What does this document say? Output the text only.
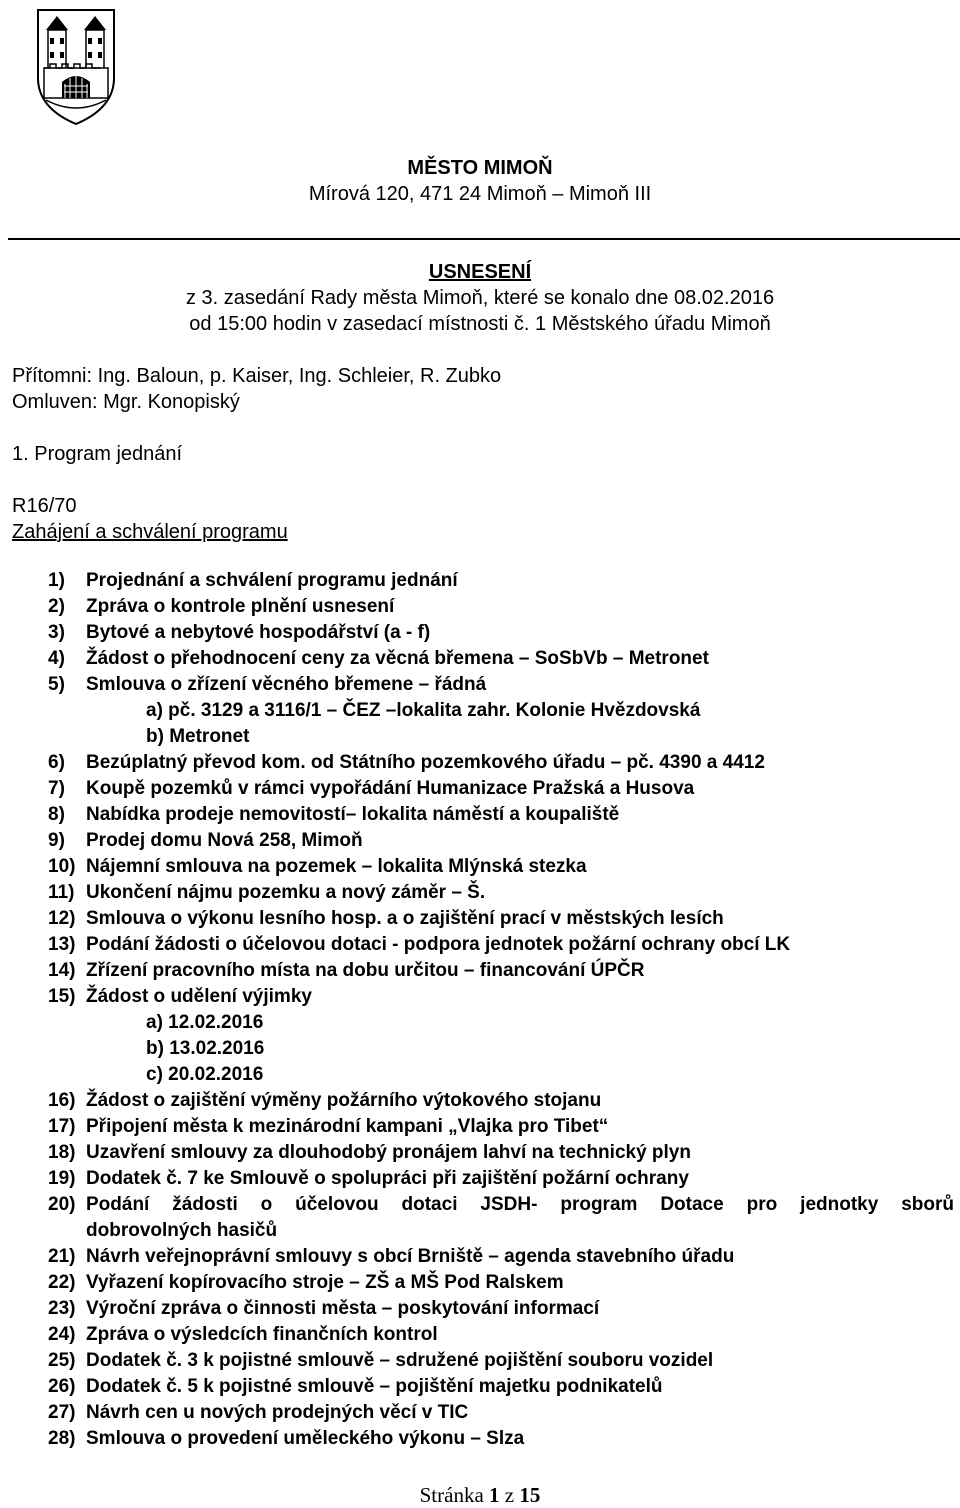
MĚSTO MIMOŇ
Mírová 120, 471 24 Mimoň – Mimoň III
USNESENÍ
z 3. zasedání Rady města Mimoň, které se konalo dne 08.02.2016
od 15:00 hodin v zasedací místnosti č. 1 Městského úřadu Mimoň
Přítomni: Ing. Baloun, p. Kaiser, Ing. Schleier, R. Zubko
Omluven: Mgr. Konopiský
1. Program jednání
R16/70
Zahájení a schválení programu
1) Projednání a schválení programu jednání
2) Zpráva o kontrole plnění usnesení
3) Bytové a nebytové hospodářství (a - f)
4) Žádost o přehodnocení ceny za věcná břemena – SoSbVb – Metronet
5) Smlouva o zřízení věcného břemene – řádná
a) pč. 3129 a 3116/1 – ČEZ –lokalita zahr. Kolonie Hvězdovská
b) Metronet
6) Bezúplatný převod kom. od Státního pozemkového úřadu – pč. 4390 a 4412
7) Koupě pozemků v rámci vypořádání Humanizace Pražská a Husova
8) Nabídka prodeje nemovitostí– lokalita náměstí a koupaliště
9) Prodej domu Nová 258, Mimoň
10) Nájemní smlouva na pozemek – lokalita Mlýnská stezka
11) Ukončení nájmu pozemku a nový záměr – Š.
12) Smlouva o výkonu lesního hosp. a o zajištění prací v městských lesích
13) Podání žádosti o účelovou dotaci - podpora jednotek požární ochrany obcí LK
14) Zřízení pracovního místa na dobu určitou – financování ÚPČR
15) Žádost o udělení výjimky
a) 12.02.2016
b) 13.02.2016
c) 20.02.2016
16) Žádost o zajištění výměny požárního výtokového stojanu
17) Připojení města k mezinárodní kampani „Vlajka pro Tibet“
18) Uzavření smlouvy za dlouhodobý pronájem lahví na technický plyn
19) Dodatek č. 7 ke Smlouvě o spolupráci při zajištění požární ochrany
20) Podání žádosti o účelovou dotaci JSDH- program Dotace pro jednotky sborů
dobrovolných hasičů
21) Návrh veřejnoprávní smlouvy s obcí Brniště – agenda stavebního úřadu
22) Vyřazení kopírovacího stroje – ZŠ a MŠ Pod Ralskem
23) Výroční zpráva o činnosti města – poskytování informací
24) Zpráva o výsledcích finančních kontrol
25) Dodatek č. 3 k pojistné smlouvě – sdružené pojištění souboru vozidel
26) Dodatek č. 5 k pojistné smlouvě – pojištění majetku podnikatelů
27) Návrh cen u nových prodejných věcí v TIC
28) Smlouva o provedení uměleckého výkonu – Slza
Stránka 1 z 15
